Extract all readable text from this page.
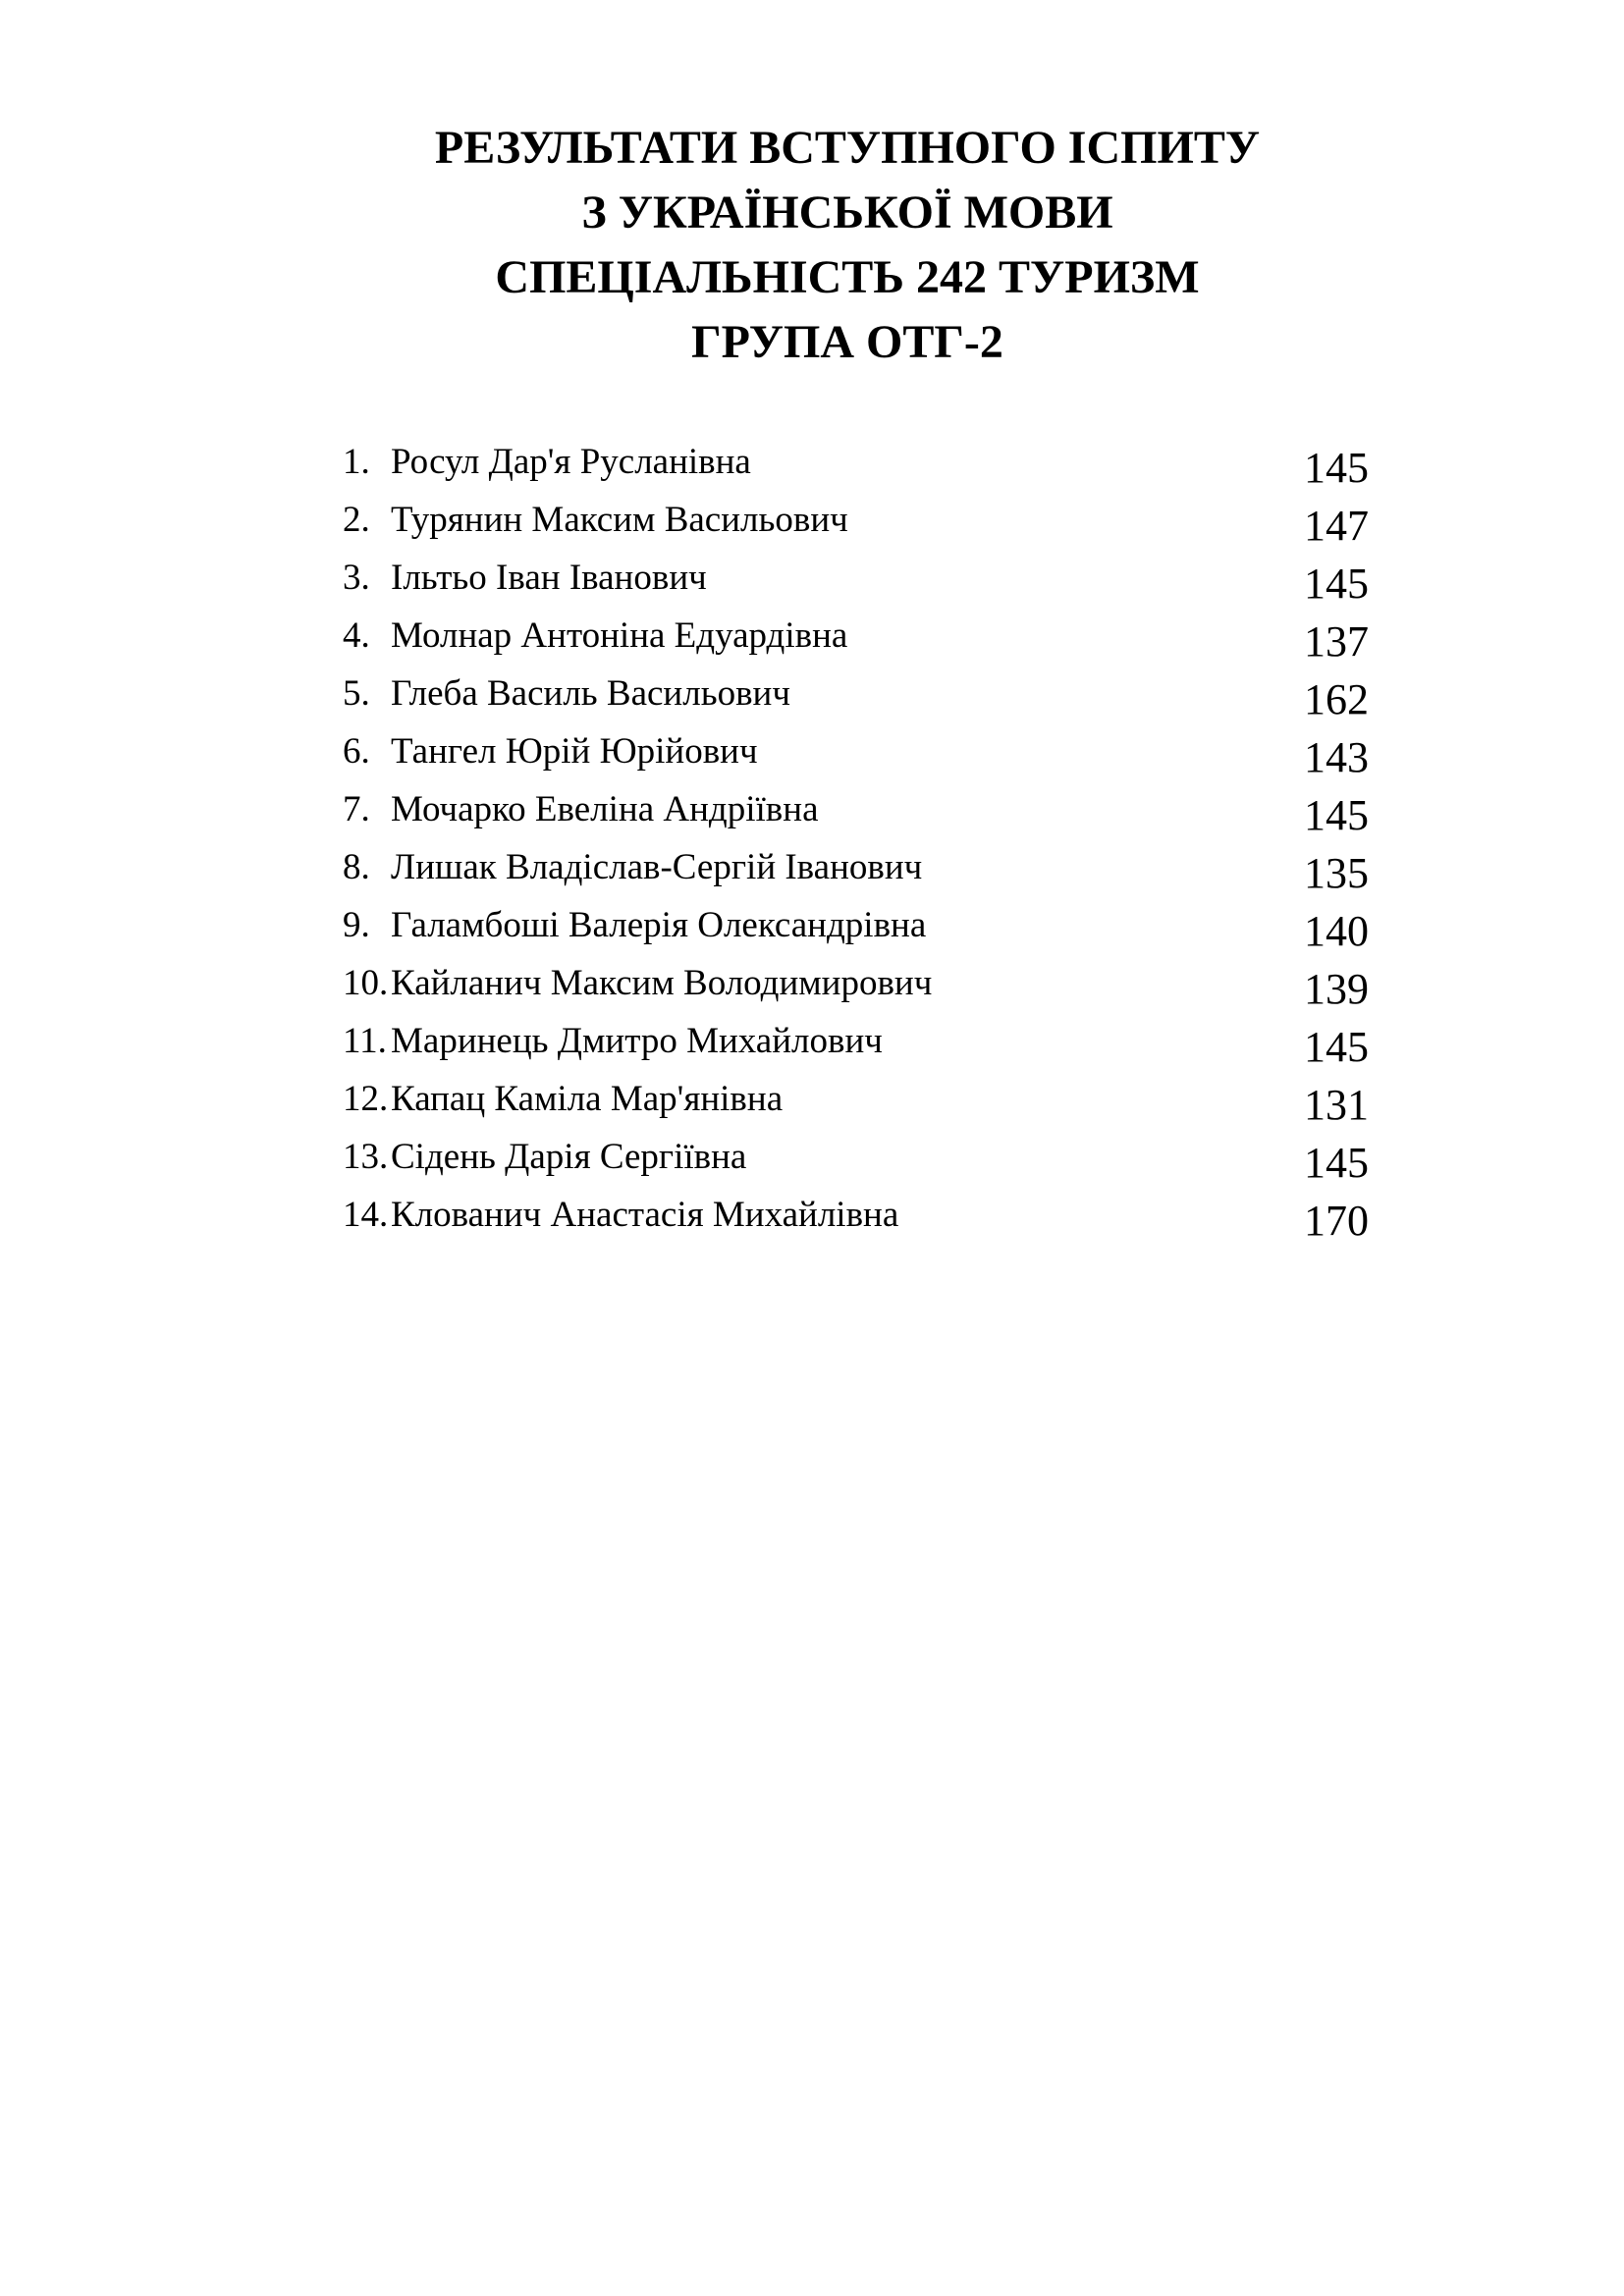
РЕЗУЛЬТАТИ ВСТУПНОГО ІСПИТУ
З УКРАЇНСЬКОЇ МОВИ
СПЕЦІАЛЬНІСТЬ 242 ТУРИЗМ
ГРУПА ОТГ-2
1. Росул Дар'я Русланівна	145
2. Турянин Максим Васильович	147
3. Ільтьо Іван Іванович	145
4. Молнар Антоніна Едуардівна	137
5. Глеба Василь Васильович	162
6. Тангел Юрій Юрійович	143
7. Мочарко Евеліна Андріївна	145
8. Лишак Владіслав-Сергій Іванович	135
9. Галамбоші Валерія Олександрівна	140
10. Кайланич Максим Володимирович	139
11. Маринець Дмитро Михайлович	145
12. Капац Каміла Мар'янівна	131
13. Сідень Дарія Сергіївна	145
14. Клованич Анастасія Михайлівна	170
